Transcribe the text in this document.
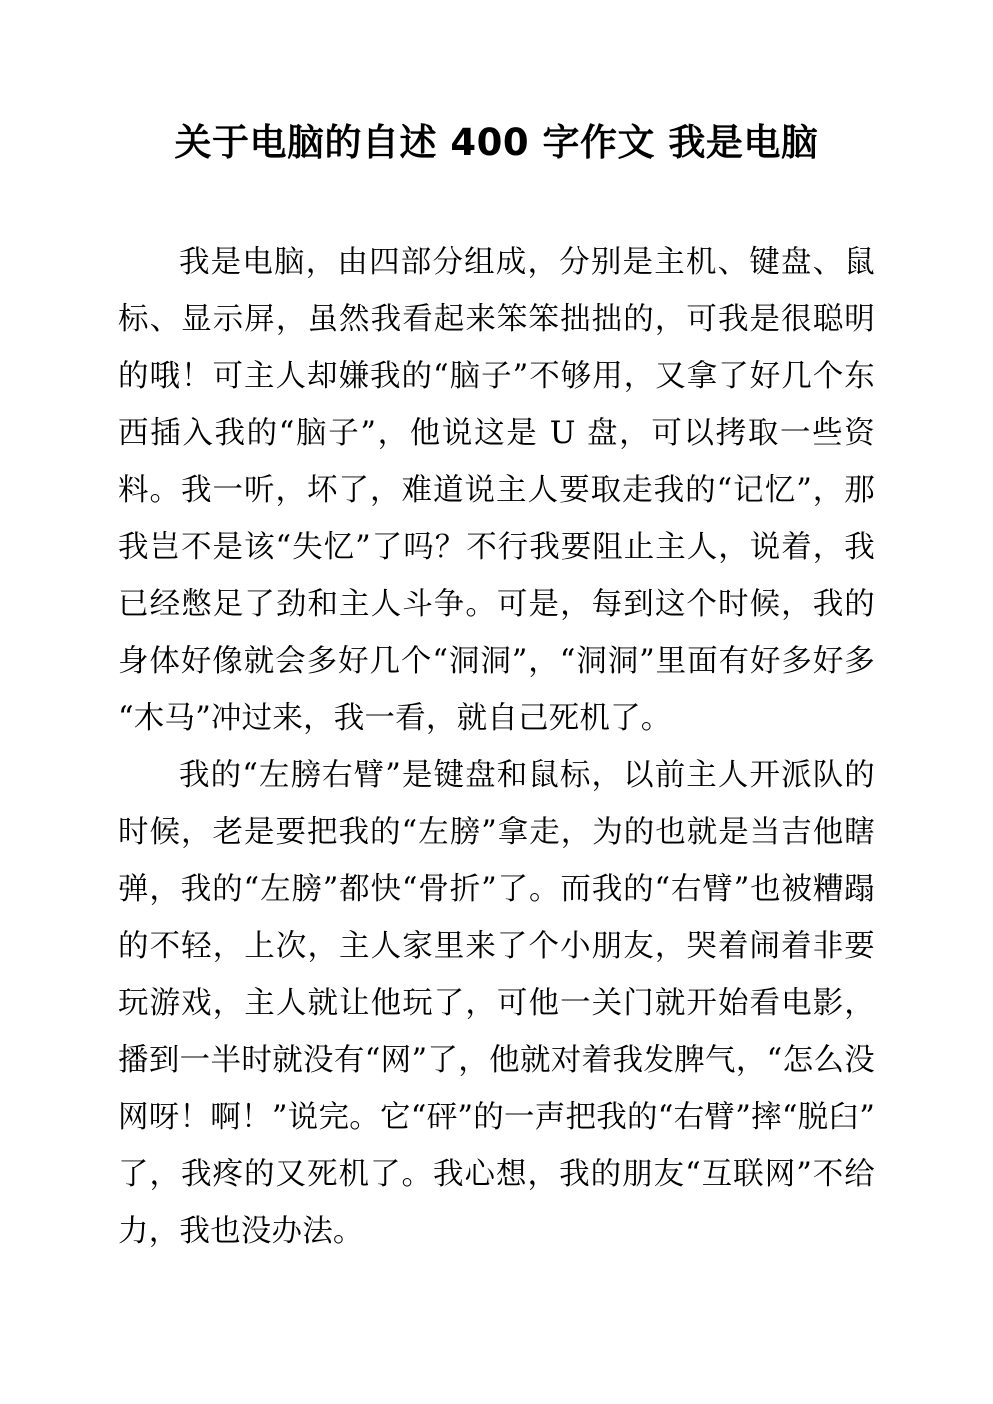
关于电脑的自述 400 字作文 我是电脑

我是电脑，由四部分组成，分别是主机、键盘、鼠标、显示屏，虽然我看起来笨笨拙拙的，可我是很聪明的哦！可主人却嫌我的“脑子”不够用，又拿了好几个东西插入我的“脑子”，他说这是 U 盘，可以拷取一些资料。我一听，坏了，难道说主人要取走我的“记忆”，那我岂不是该“失忆”了吗？不行我要阻止主人，说着，我已经憋足了劲和主人斗争。可是，每到这个时候，我的身体好像就会多好几个“洞洞”，“洞洞”里面有好多好多“木马”冲过来，我一看，就自己死机了。

我的“左膀右臂”是键盘和鼠标，以前主人开派队的时候，老是要把我的“左膀”拿走，为的也就是当吉他瞎弹，我的“左膀”都快“骨折”了。而我的“右臂”也被糟蹋的不轻，上次，主人家里来了个小朋友，哭着闹着非要玩游戏，主人就让他玩了，可他一关门就开始看电影，播到一半时就没有“网”了，他就对着我发脾气，“怎么没网呀！啊！”说完。它“砰”的一声把我的“右臂”摔“脱臼”了，我疼的又死机了。我心想，我的朋友“互联网”不给力，我也没办法。
